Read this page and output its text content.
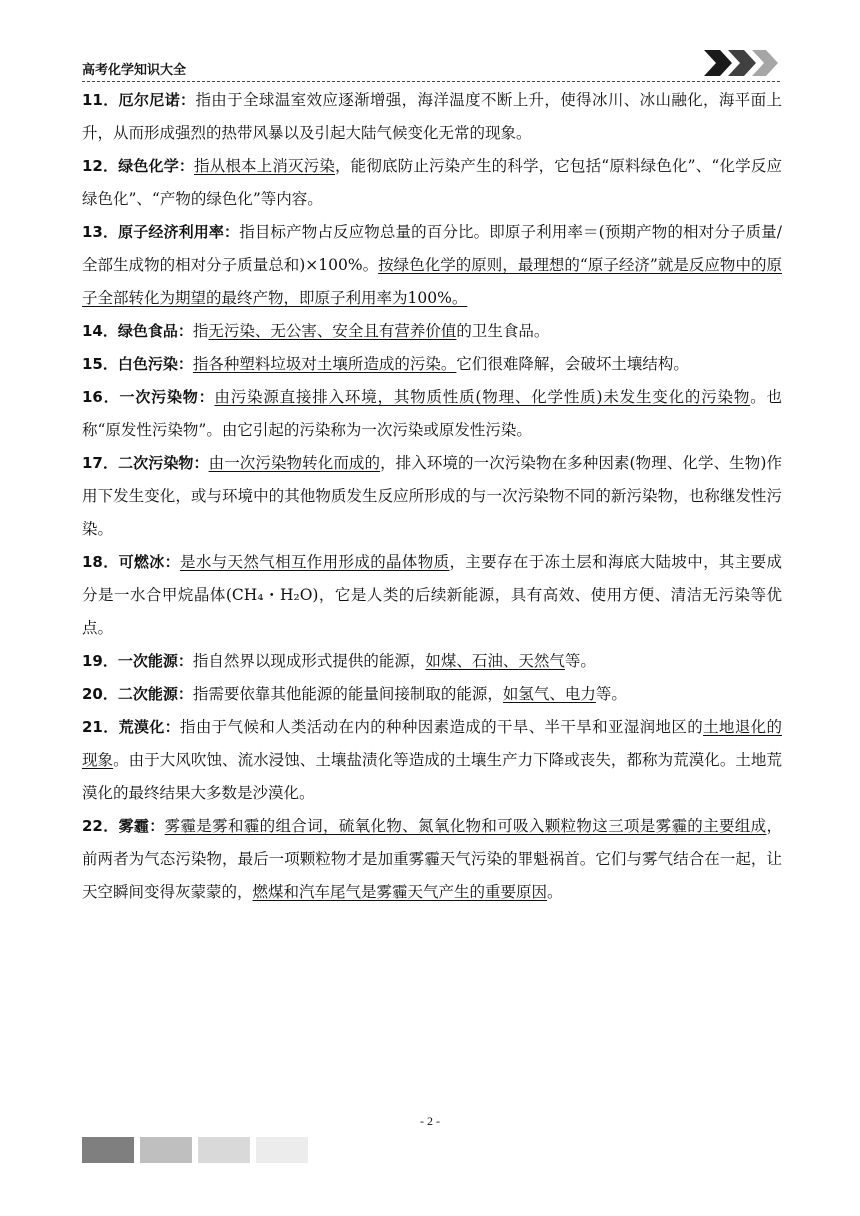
高考化学知识大全

11．厄尔尼诺：指由于全球温室效应逐渐增强，海洋温度不断上升，使得冰川、冰山融化，海平面上升，从而形成强烈的热带风暴以及引起大陆气候变化无常的现象。

12．绿色化学：指从根本上消灭污染，能彻底防止污染产生的科学，它包括“原料绿色化”、“化学反应绿色化”、“产物的绿色化”等内容。

13．原子经济利用率：指目标产物占反应物总量的百分比。即原子利用率＝(预期产物的相对分子质量/全部生成物的相对分子质量总和)×100%。按绿色化学的原则，最理想的“原子经济”就是反应物中的原子全部转化为期望的最终产物，即原子利用率为100%。

14．绿色食品：指无污染、无公害、安全且有营养价值的卫生食品。

15．白色污染：指各种塑料垃圾对土壤所造成的污染。它们很难降解，会破坏土壤结构。

16．一次污染物：由污染源直接排入环境，其物质性质(物理、化学性质)未发生变化的污染物。也称“原发性污染物”。由它引起的污染称为一次污染或原发性污染。

17．二次污染物：由一次污染物转化而成的，排入环境的一次污染物在多种因素(物理、化学、生物)作用下发生变化，或与环境中的其他物质发生反应所形成的与一次污染物不同的新污染物，也称继发性污染。

18．可燃冰：是水与天然气相互作用形成的晶体物质，主要存在于冻土层和海底大陆坡中，其主要成分是一水合甲烷晶体(CH₄・H₂O)，它是人类的后续新能源，具有高效、使用方便、清洁无污染等优点。

19．一次能源：指自然界以现成形式提供的能源，如煤、石油、天然气等。

20．二次能源：指需要依靠其他能源的能量间接制取的能源，如氢气、电力等。

21．荒漠化：指由于气候和人类活动在内的种种因素造成的干旱、半干旱和亚湿润地区的土地退化的现象。由于大风吹蚀、流水浸蚀、土壤盐渍化等造成的土壤生产力下降或丧失，都称为荒漠化。土地荒漠化的最终结果大多数是沙漠化。

22．雾霾：雾霾是雾和霾的组合词，硫氧化物、氮氧化物和可吸入颗粒物这三项是雾霾的主要组成，前两者为气态污染物，最后一项颗粒物才是加重雾霾天气污染的罪魁祸首。它们与雾气结合在一起，让天空瞬间变得灰蒙蒙的，燃煤和汽车尾气是雾霾天气产生的重要原因。

- 2 -
